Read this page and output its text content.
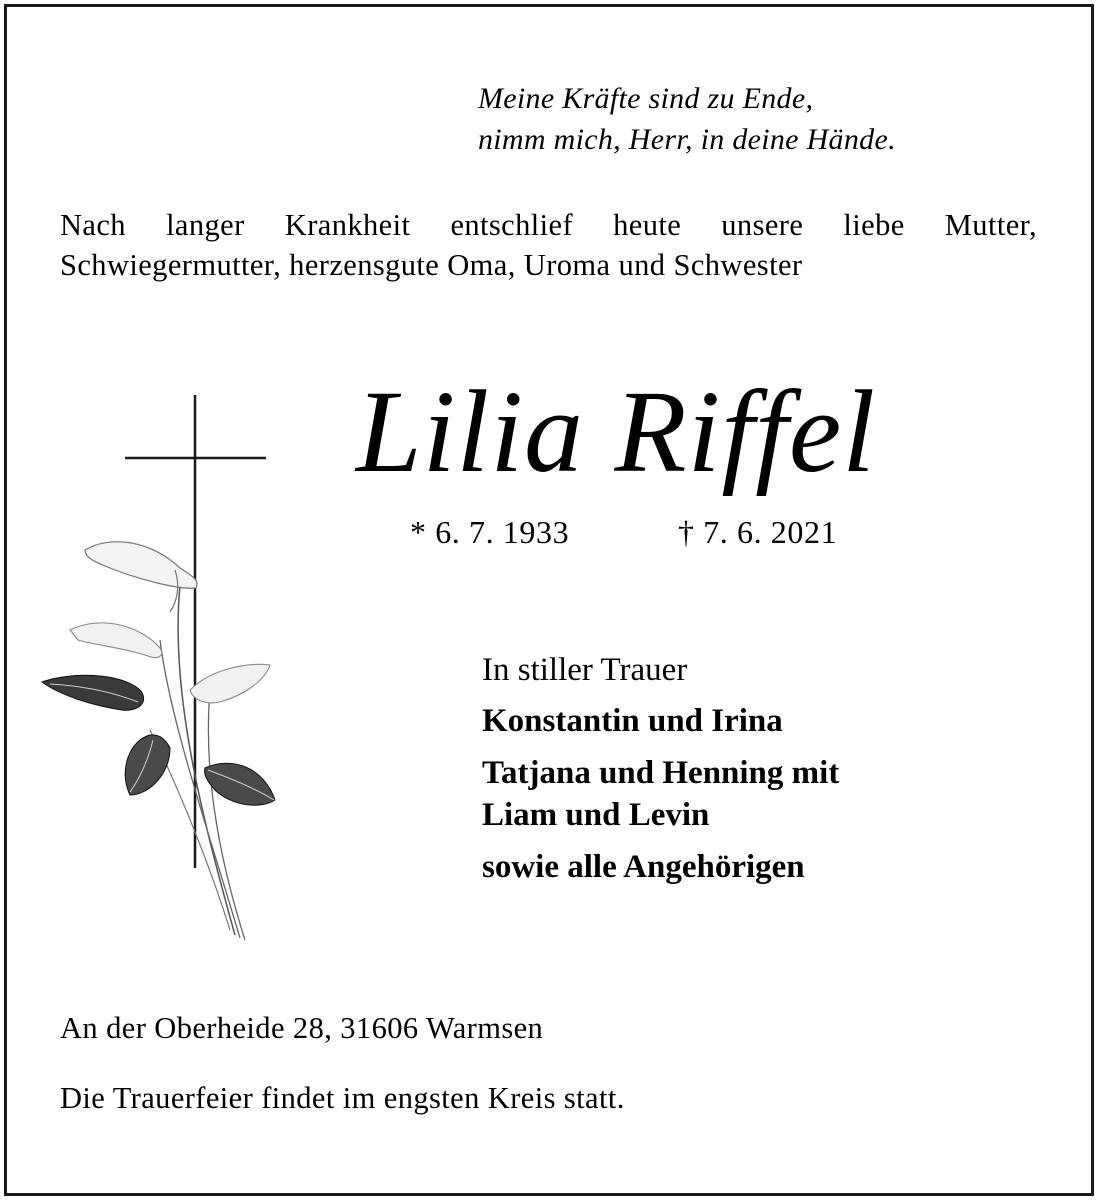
Meine Kräfte sind zu Ende,
nimm mich, Herr, in deine Hände.
Nach langer Krankheit entschlief heute unsere liebe Mutter, Schwiegermutter, herzensgute Oma, Uroma und Schwester
Lilia Riffel
* 6. 7. 1933	† 7. 6. 2021
In stiller Trauer
Konstantin und Irina
Tatjana und Henning mit Liam und Levin
sowie alle Angehörigen
An der Oberheide 28, 31606 Warmsen
Die Trauerfeier findet im engsten Kreis statt.
